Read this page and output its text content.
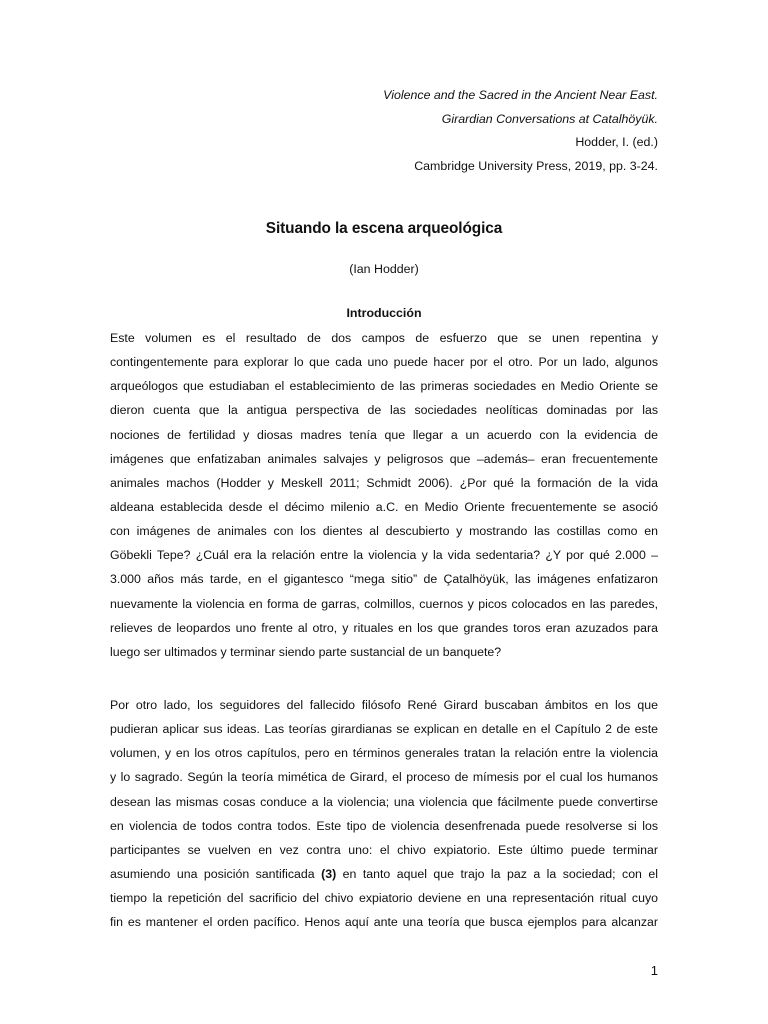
Violence and the Sacred in the Ancient Near East.
Girardian Conversations at Catalhöyük.
Hodder, I. (ed.)
Cambridge University Press, 2019, pp. 3-24.
Situando la escena arqueológica
(Ian Hodder)
Introducción
Este volumen es el resultado de dos campos de esfuerzo que se unen repentina y
contingentemente para explorar lo que cada uno puede hacer por el otro. Por un lado, algunos
arqueólogos que estudiaban el establecimiento de las primeras sociedades en Medio Oriente se
dieron cuenta que la antigua perspectiva de las sociedades neolíticas dominadas por las
nociones de fertilidad y diosas madres tenía que llegar a un acuerdo con la evidencia de
imágenes que enfatizaban animales salvajes y peligrosos que –además– eran frecuentemente
animales machos (Hodder y Meskell 2011; Schmidt 2006). ¿Por qué la formación de la vida
aldeana establecida desde el décimo milenio a.C. en Medio Oriente frecuentemente se asoció
con imágenes de animales con los dientes al descubierto y mostrando las costillas como en
Göbekli Tepe? ¿Cuál era la relación entre la violencia y la vida sedentaria? ¿Y por qué 2.000 –
3.000 años más tarde, en el gigantesco “mega sitio” de Çatalhöyük, las imágenes enfatizaron
nuevamente la violencia en forma de garras, colmillos, cuernos y picos colocados en las paredes,
relieves de leopardos uno frente al otro, y rituales en los que grandes toros eran azuzados para
luego ser ultimados y terminar siendo parte sustancial de un banquete?
Por otro lado, los seguidores del fallecido filósofo René Girard buscaban ámbitos en los que
pudieran aplicar sus ideas. Las teorías girardianas se explican en detalle en el Capítulo 2 de este
volumen, y en los otros capítulos, pero en términos generales tratan la relación entre la violencia
y lo sagrado. Según la teoría mimética de Girard, el proceso de mímesis por el cual los humanos
desean las mismas cosas conduce a la violencia; una violencia que fácilmente puede convertirse
en violencia de todos contra todos. Este tipo de violencia desenfrenada puede resolverse si los
participantes se vuelven en vez contra uno: el chivo expiatorio. Este último puede terminar
asumiendo una posición santificada (3) en tanto aquel que trajo la paz a la sociedad; con el
tiempo la repetición del sacrificio del chivo expiatorio deviene en una representación ritual cuyo
fin es mantener el orden pacífico. Henos aquí ante una teoría que busca ejemplos para alcanzar
1
